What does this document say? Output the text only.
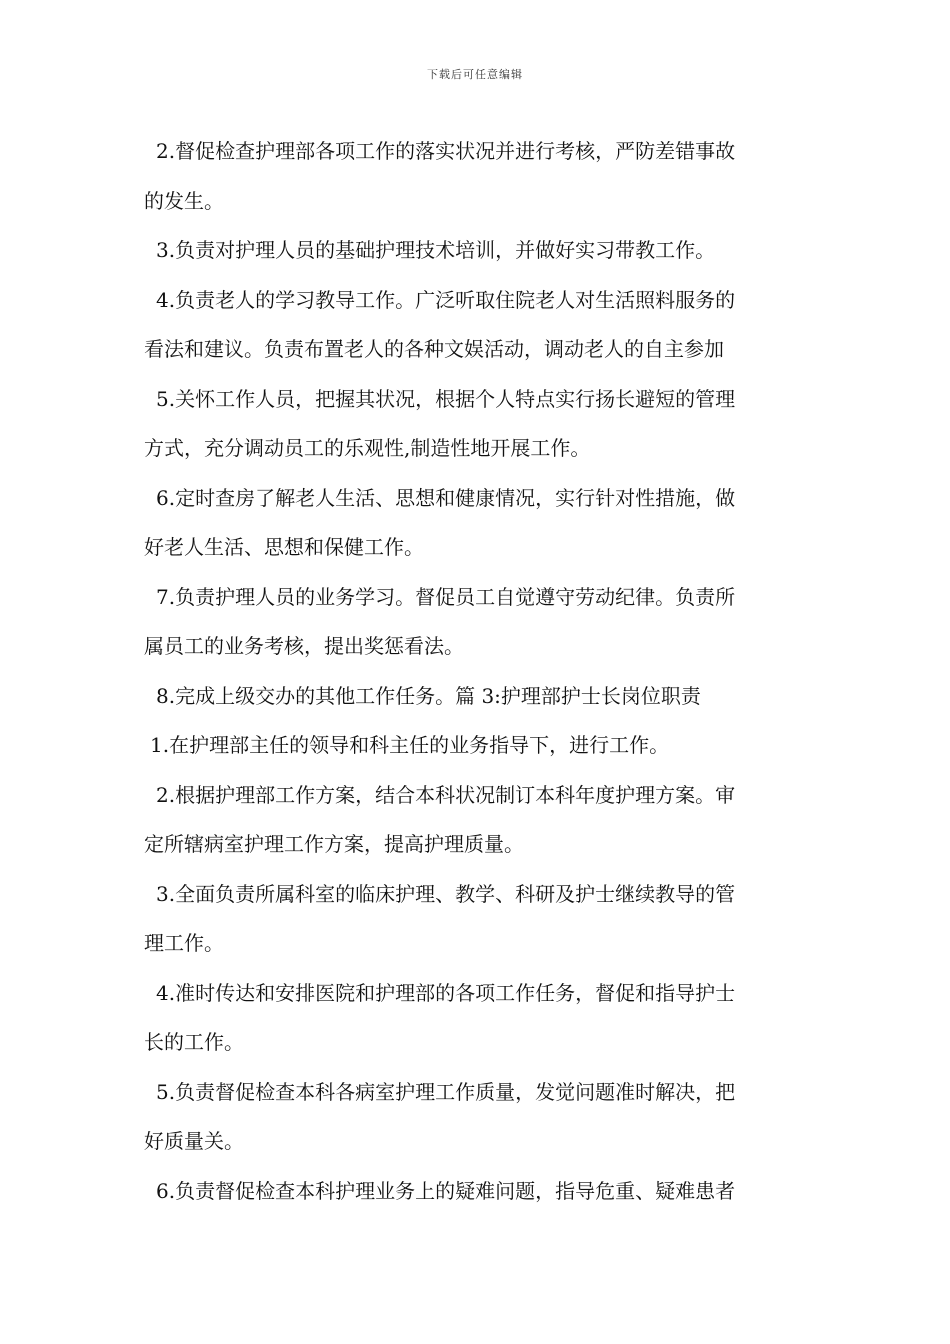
下载后可任意编辑
2.督促检查护理部各项工作的落实状况并进行考核，严防差错事故
的发生。
3.负责对护理人员的基础护理技术培训，并做好实习带教工作。
4.负责老人的学习教导工作。广泛听取住院老人对生活照料服务的
看法和建议。负责布置老人的各种文娱活动，调动老人的自主参加
5.关怀工作人员，把握其状况，根据个人特点实行扬长避短的管理
方式，充分调动员工的乐观性,制造性地开展工作。
6.定时查房了解老人生活、思想和健康情况，实行针对性措施，做
好老人生活、思想和保健工作。
7.负责护理人员的业务学习。督促员工自觉遵守劳动纪律。负责所
属员工的业务考核，提出奖惩看法。
8.完成上级交办的其他工作任务。篇 3:护理部护士长岗位职责
1.在护理部主任的领导和科主任的业务指导下，进行工作。
2.根据护理部工作方案，结合本科状况制订本科年度护理方案。审
定所辖病室护理工作方案，提高护理质量。
3.全面负责所属科室的临床护理、教学、科研及护士继续教导的管
理工作。
4.准时传达和安排医院和护理部的各项工作任务，督促和指导护士
长的工作。
5.负责督促检查本科各病室护理工作质量，发觉问题准时解决，把
好质量关。
6.负责督促检查本科护理业务上的疑难问题，指导危重、疑难患者
